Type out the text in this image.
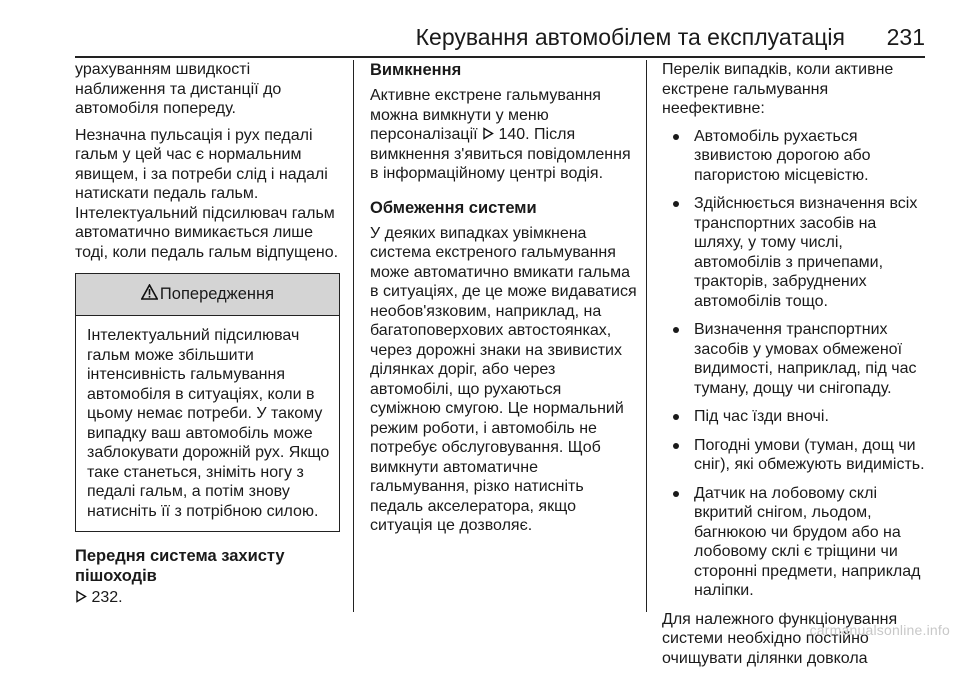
Керування автомобілем та експлуатація 231

урахуванням швидкості
наближення та дистанції до
автомобіля попереду.

Незначна пульсація і рух педалі
гальм у цей час є нормальним
явищем, і за потреби слід і надалі
натискати педаль гальм.
Інтелектуальний підсилювач гальм
автоматично вимикається лише
тоді, коли педаль гальм відпущено.

Попередження
Інтелектуальний підсилювач
гальм може збільшити
інтенсивність гальмування
автомобіля в ситуаціях, коли в
цьому немає потреби. У такому
випадку ваш автомобіль може
заблокувати дорожній рух. Якщо
таке станеться, зніміть ногу з
педалі гальм, а потім знову
натисніть її з потрібною силою.
Передня система захисту
пішоходів

232.

Вимкнення

Активне екстрене гальмування
можна вимкнути у меню
персоналізації 140. Після
вимкнення з'явиться повідомлення
в інформаційному центрі водія.

Обмеження системи

У деяких випадках увімкнена
система екстреного гальмування
може автоматично вмикати гальма
в ситуаціях, де це може видаватися
необов'язковим, наприклад, на
багатоповерхових автостоянках,
через дорожні знаки на звивистих
ділянках доріг, або через
автомобілі, що рухаються
суміжною смугою. Це нормальний
режим роботи, і автомобіль не
потребує обслуговування. Щоб
вимкнути автоматичне
гальмування, різко натисніть
педаль акселератора, якщо
ситуація це дозволяє.

Перелік випадків, коли активне
екстрене гальмування
неефективне:

Автомобіль рухається
звивистою дорогою або
пагористою місцевістю.
Здійснюється визначення всіх
транспортних засобів на
шляху, у тому числі,
автомобілів з причепами,
тракторів, забруднених
автомобілів тощо.
Визначення транспортних
засобів у умовах обмеженої
видимості, наприклад, під час
туману, дощу чи снігопаду.
Під час їзди вночі.
Погодні умови (туман, дощ чи
сніг), які обмежують видимість.
Датчик на лобовому склі
вкритий снігом, льодом,
багнюкою чи брудом або на
лобовому склі є тріщини чи
сторонні предмети, наприклад
наліпки.

Для належного функціонування
системи необхідно постійно
очищувати ділянки довкола

carmanualsonline.info
